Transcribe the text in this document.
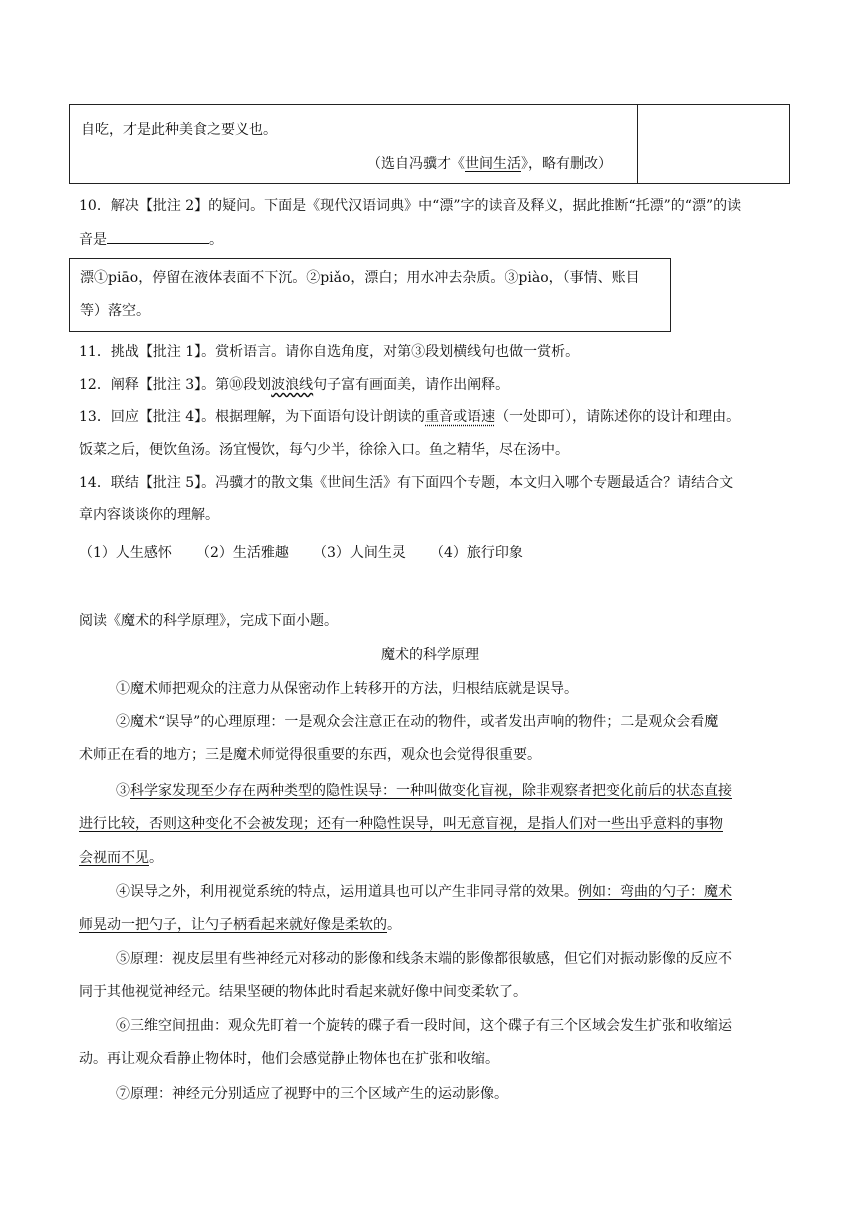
自吃，才是此种美食之要义也。
（选自冯骥才《世间生活》，略有删改）
10．解决【批注 2】的疑问。下面是《现代汉语词典》中“漂”字的读音及释义，据此推断“托漂”的“漂”的读
音是	。
漂①piāo，停留在液体表面不下沉。②piǎo，漂白；用水冲去杂质。③piào，（事情、账目
等）落空。
11．挑战【批注 1】。赏析语言。请你自选角度，对第③段划横线句也做一赏析。
12．阐释【批注 3】。第⑩段划波浪线句子富有画面美，请作出阐释。
13．回应【批注 4】。根据理解，为下面语句设计朗读的重音或语速（一处即可），请陈述你的设计和理由。
饭菜之后，便饮鱼汤。汤宜慢饮，每勺少半，徐徐入口。鱼之精华，尽在汤中。
14．联结【批注 5】。冯骥才的散文集《世间生活》有下面四个专题，本文归入哪个专题最适合？请结合文
章内容谈谈你的理解。
（1）人生感怀 （2）生活雅趣 （3）人间生灵 （4）旅行印象
阅读《魔术的科学原理》，完成下面小题。
魔术的科学原理
①魔术师把观众的注意力从保密动作上转移开的方法，归根结底就是误导。
②魔术“误导”的心理原理：一是观众会注意正在动的物件，或者发出声响的物件；二是观众会看魔
术师正在看的地方；三是魔术师觉得很重要的东西，观众也会觉得很重要。
③科学家发现至少存在两种类型的隐性误导：一种叫做变化盲视，除非观察者把变化前后的状态直接
进行比较，否则这种变化不会被发现；还有一种隐性误导，叫无意盲视，是指人们对一些出乎意料的事物
会视而不见。
④误导之外，利用视觉系统的特点，运用道具也可以产生非同寻常的效果。例如：弯曲的勺子：魔术
师晃动一把勺子，让勺子柄看起来就好像是柔软的。
⑤原理：视皮层里有些神经元对移动的影像和线条末端的影像都很敏感，但它们对振动影像的反应不
同于其他视觉神经元。结果坚硬的物体此时看起来就好像中间变柔软了。
⑥三维空间扭曲：观众先盯着一个旋转的碟子看一段时间，这个碟子有三个区域会发生扩张和收缩运
动。再让观众看静止物体时，他们会感觉静止物体也在扩张和收缩。
⑦原理：神经元分别适应了视野中的三个区域产生的运动影像。
